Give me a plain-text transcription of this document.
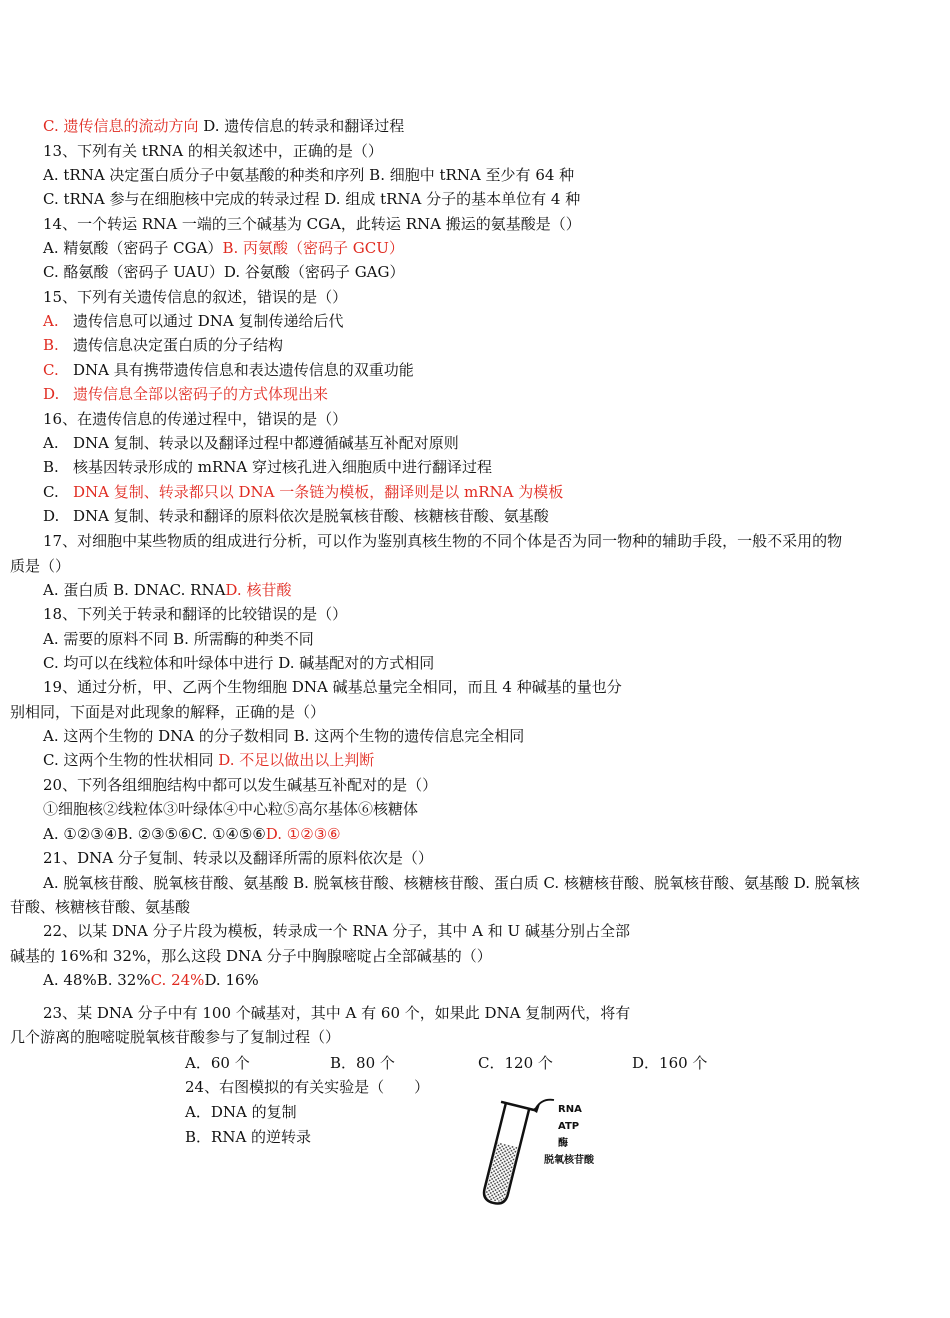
C. 遗传信息的流动方向 D. 遗传信息的转录和翻译过程
13、下列有关 tRNA 的相关叙述中，正确的是（）
A. tRNA 决定蛋白质分子中氨基酸的种类和序列 B. 细胞中 tRNA 至少有 64 种
C. tRNA 参与在细胞核中完成的转录过程 D. 组成 tRNA 分子的基本单位有 4 种
14、一个转运 RNA 一端的三个碱基为 CGA，此转运 RNA 搬运的氨基酸是（）
A. 精氨酸（密码子 CGA）B. 丙氨酸（密码子 GCU）
C. 酪氨酸（密码子 UAU）D. 谷氨酸（密码子 GAG）
15、下列有关遗传信息的叙述，错误的是（）
A. 遗传信息可以通过 DNA 复制传递给后代
B. 遗传信息决定蛋白质的分子结构
C. DNA 具有携带遗传信息和表达遗传信息的双重功能
D. 遗传信息全部以密码子的方式体现出来
16、在遗传信息的传递过程中，错误的是（）
A. DNA 复制、转录以及翻译过程中都遵循碱基互补配对原则
B. 核基因转录形成的 mRNA 穿过核孔进入细胞质中进行翻译过程
C. DNA 复制、转录都只以 DNA 一条链为模板，翻译则是以 mRNA 为模板
D. DNA 复制、转录和翻译的原料依次是脱氧核苷酸、核糖核苷酸、氨基酸
17、对细胞中某些物质的组成进行分析，可以作为鉴别真核生物的不同个体是否为同一物种的辅助手段，一般不采用的物
质是（）
A. 蛋白质 B. DNAC. RNAD. 核苷酸
18、下列关于转录和翻译的比较错误的是（）
A. 需要的原料不同 B. 所需酶的种类不同
C. 均可以在线粒体和叶绿体中进行 D. 碱基配对的方式相同
19、通过分析，甲、乙两个生物细胞 DNA 碱基总量完全相同，而且 4 种碱基的量也分
别相同，下面是对此现象的解释，正确的是（）
A. 这两个生物的 DNA 的分子数相同 B. 这两个生物的遗传信息完全相同
C. 这两个生物的性状相同 D. 不足以做出以上判断
20、下列各组细胞结构中都可以发生碱基互补配对的是（）
①细胞核②线粒体③叶绿体④中心粒⑤高尔基体⑥核糖体
A. ①②③④B. ②③⑤⑥C. ①④⑤⑥D. ①②③⑥
21、DNA 分子复制、转录以及翻译所需的原料依次是（）
A. 脱氧核苷酸、脱氧核苷酸、氨基酸 B. 脱氧核苷酸、核糖核苷酸、蛋白质 C. 核糖核苷酸、脱氧核苷酸、氨基酸 D. 脱氧核
苷酸、核糖核苷酸、氨基酸
22、以某 DNA 分子片段为模板，转录成一个 RNA 分子，其中 A 和 U 碱基分别占全部
碱基的 16%和 32%，那么这段 DNA 分子中胸腺嘧啶占全部碱基的（）
A. 48%B. 32%C. 24%D. 16%
23、某 DNA 分子中有 100 个碱基对，其中 A 有 60 个，如果此 DNA 复制两代，将有
几个游离的胞嘧啶脱氧核苷酸参与了复制过程（）
A．60 个	B．80 个	C．120 个	D．160 个
24、右图模拟的有关实验是（　　）
A．DNA 的复制
B．RNA 的逆转录
RNA
ATP
酶
脱氧核苷酸
